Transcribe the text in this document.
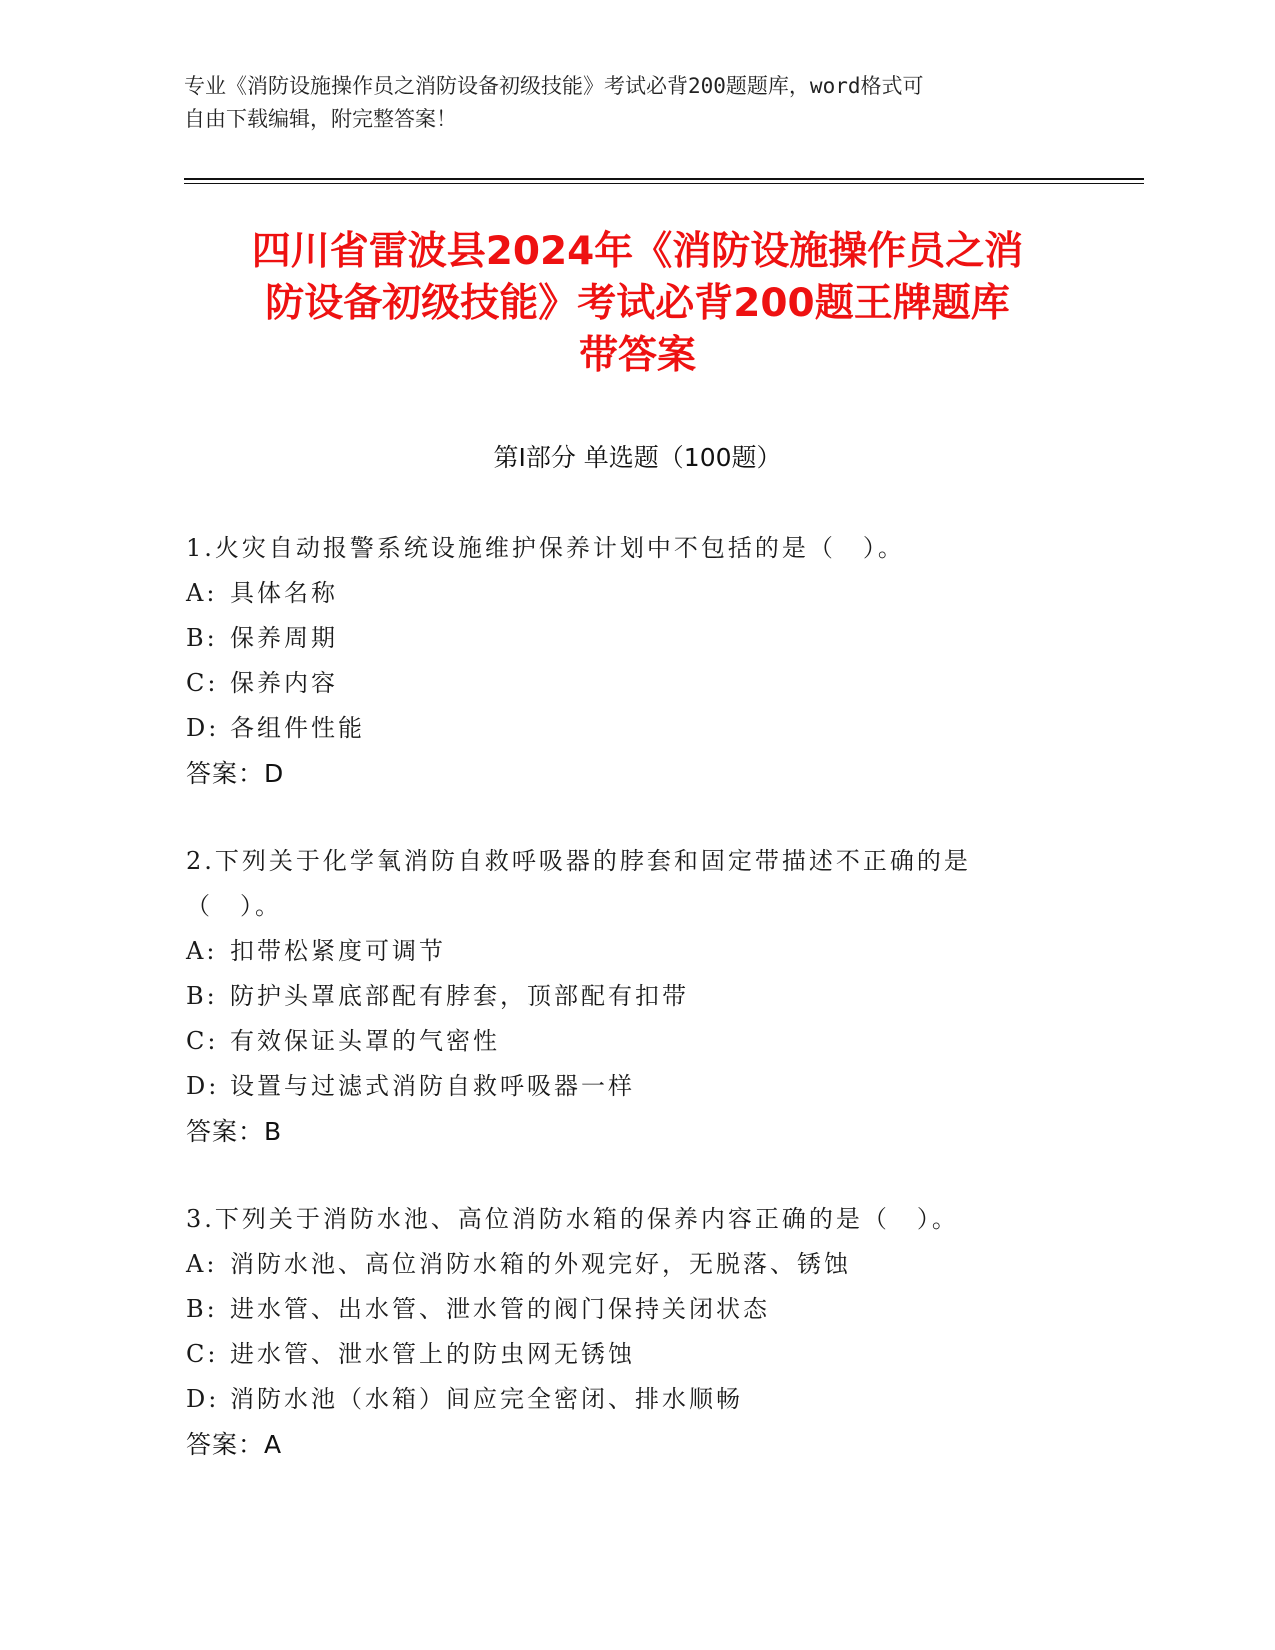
专业《消防设施操作员之消防设备初级技能》考试必背200题题库，word格式可
自由下载编辑，附完整答案！
四川省雷波县2024年《消防设施操作员之消
防设备初级技能》考试必背200题王牌题库
带答案
第Ⅰ部分 单选题（100题）
1.火灾自动报警系统设施维护保养计划中不包括的是（　）。
A: 具体名称
B: 保养周期
C: 保养内容
D: 各组件性能
答案：D
2.下列关于化学氧消防自救呼吸器的脖套和固定带描述不正确的是（　）。
A: 扣带松紧度可调节
B: 防护头罩底部配有脖套，顶部配有扣带
C: 有效保证头罩的气密性
D: 设置与过滤式消防自救呼吸器一样
答案：B
3.下列关于消防水池、高位消防水箱的保养内容正确的是（　）。
A: 消防水池、高位消防水箱的外观完好，无脱落、锈蚀
B: 进水管、出水管、泄水管的阀门保持关闭状态
C: 进水管、泄水管上的防虫网无锈蚀
D: 消防水池（水箱）间应完全密闭、排水顺畅
答案：A
